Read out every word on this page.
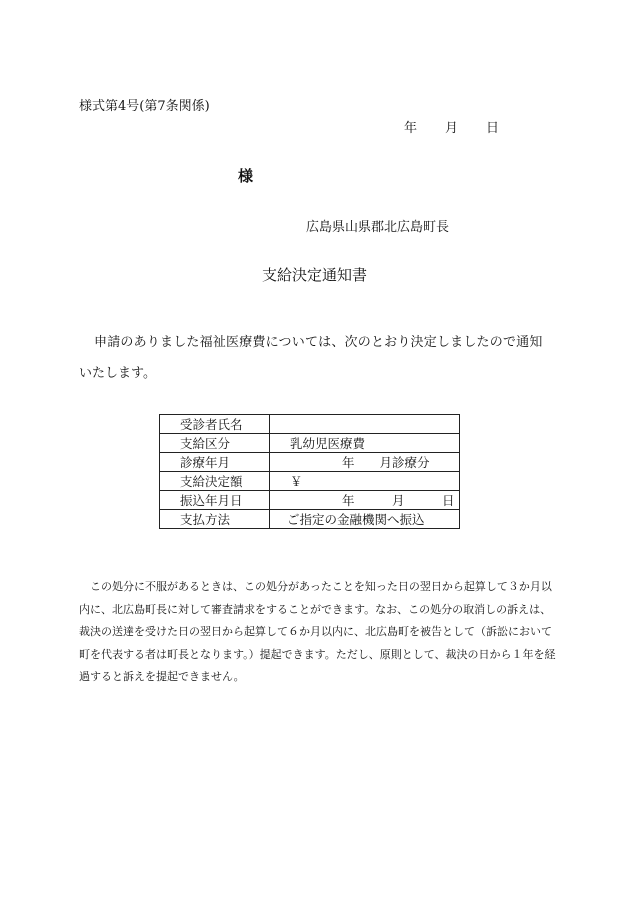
様式第4号(第7条関係)
年 月 日
様
広島県山県郡北広島町長
支給決定通知書
申請のありました福祉医療費については、次のとおり決定しましたので通知
いたします。
受診者氏名	
支給区分	乳幼児医療費
診療年月	年　　月診療分
支給決定額	￥
振込年月日	年　　　月　　　日
支払方法	ご指定の金融機関へ振込
この処分に不服があるときは、この処分があったことを知った日の翌日から起算して３か月以内に、北広島町長に対して審査請求をすることができます。なお、この処分の取消しの訴えは、裁決の送達を受けた日の翌日から起算して６か月以内に、北広島町を被告として（訴訟において町を代表する者は町長となります。）提起できます。ただし、原則として、裁決の日から１年を経過すると訴えを提起できません。
